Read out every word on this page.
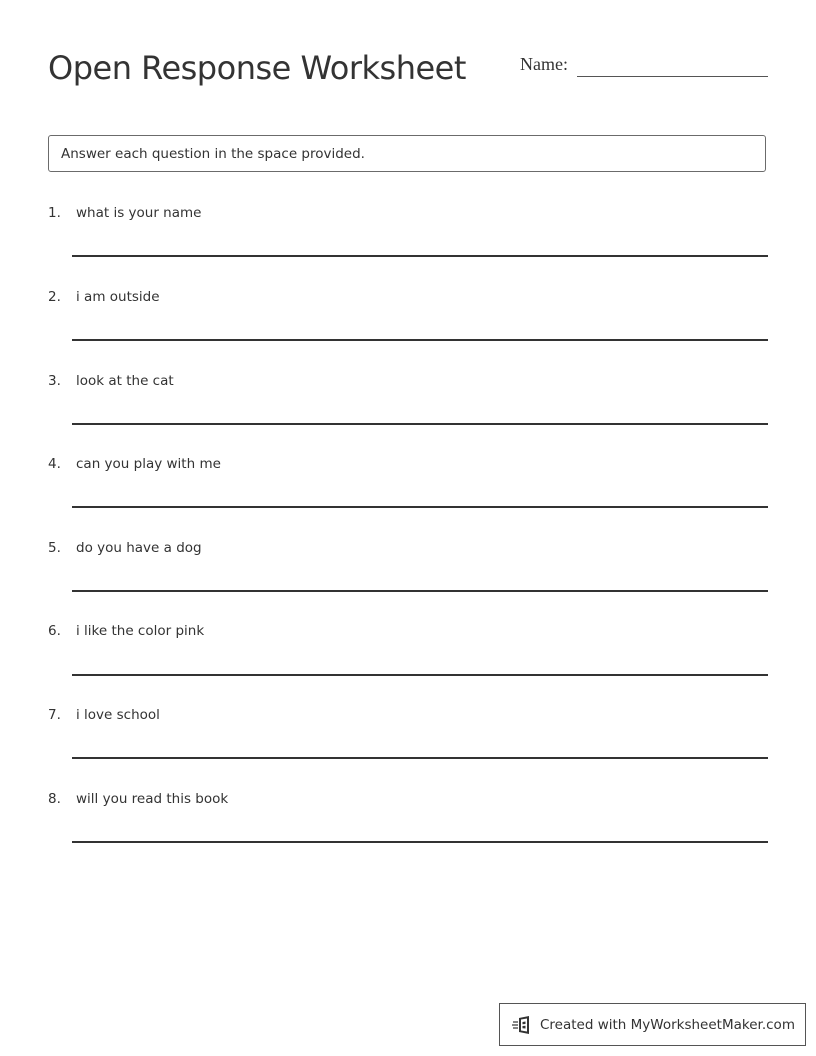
Open Response Worksheet	Name:
Answer each question in the space provided.
1. what is your name
2. i am outside
3. look at the cat
4. can you play with me
5. do you have a dog
6. i like the color pink
7. i love school
8. will you read this book
Created with MyWorksheetMaker.com
